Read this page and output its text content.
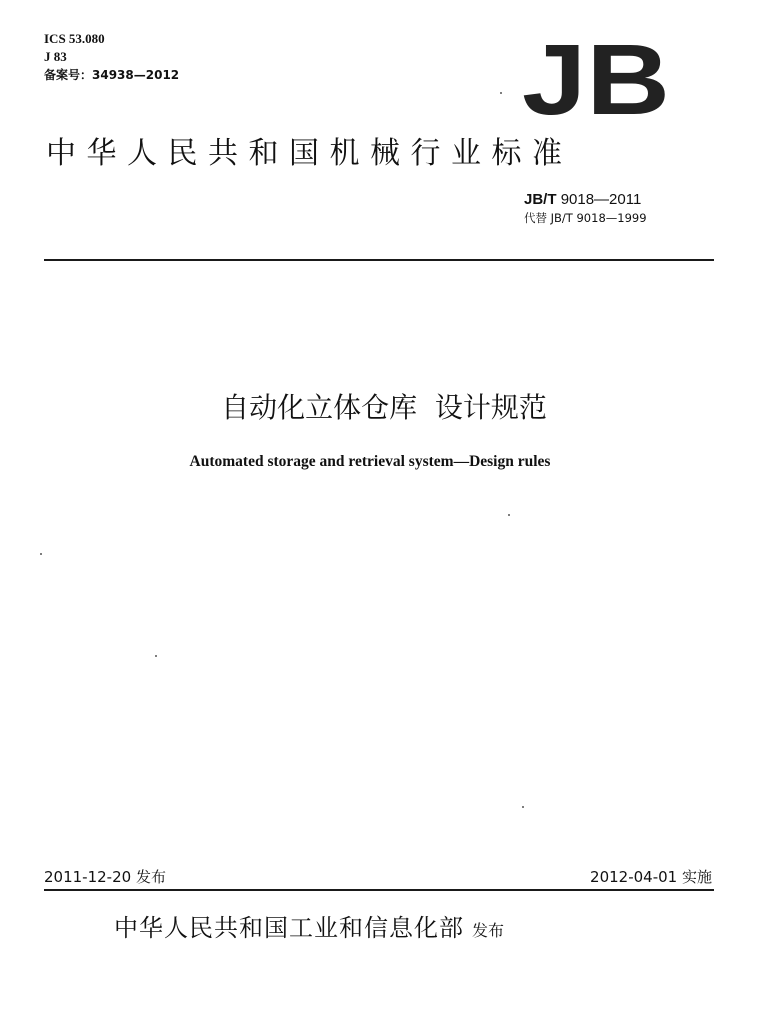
ICS 53.080
J 83
备案号：34938—2012	JB
中华人民共和国机械行业标准
JB/T 9018—2011
代替 JB/T 9018—1999
自动化立体仓库  设计规范
Automated storage and retrieval system—Design rules
2011-12-20 发布	2012-04-01 实施
中华人民共和国工业和信息化部 发布
